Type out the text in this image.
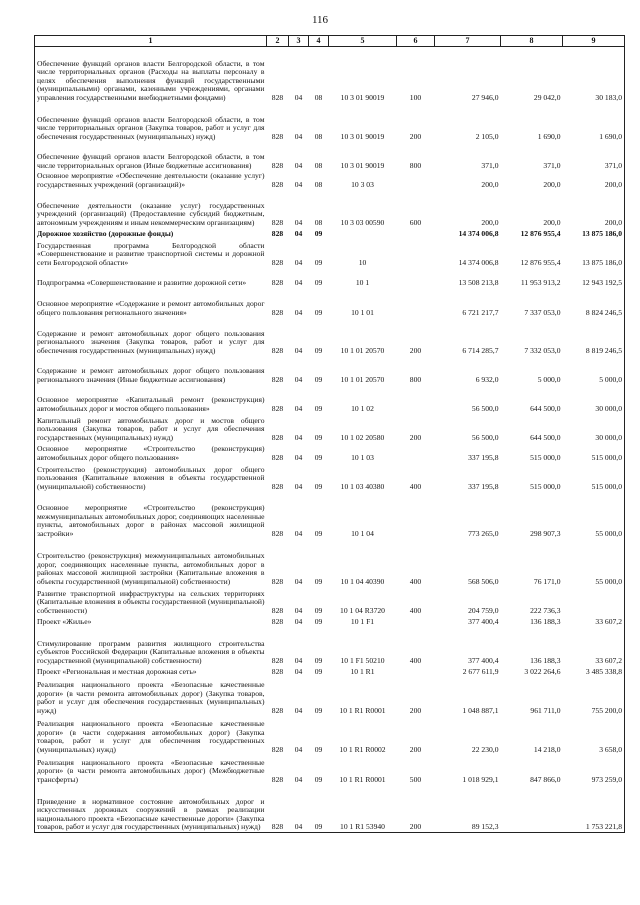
116
1	2	3	4	5	6	7	8	9
Обеспечение функций органов власти Белгородской области, в том числе территориальных органов (Расходы на выплаты персоналу в целях обеспечения выполнения функций государственными (муниципальными) органами, казенными учреждениями, органами управления государственными внебюджетными фондами)	828	04	08	10 3 01 90019	100	27 946,0	29 042,0	30 183,0
Обеспечение функций органов власти Белгородской области, в том числе территориальных органов (Закупка товаров, работ и услуг для обеспечения государственных (муниципальных) нужд)	828	04	08	10 3 01 90019	200	2 105,0	1 690,0	1 690,0
Обеспечение функций органов власти Белгородской области, в том числе территориальных органов (Иные бюджетные ассигнования)	828	04	08	10 3 01 90019	800	371,0	371,0	371,0
Основное мероприятие «Обеспечение деятельности (оказание услуг) государственных учреждений (организаций)»	828	04	08	10 3 03		200,0	200,0	200,0
Обеспечение деятельности (оказание услуг) государственных учреждений (организаций) (Предоставление субсидий бюджетным, автономным учреждениям и иным некоммерческим организациям)	828	04	08	10 3 03 00590	600	200,0	200,0	200,0
Дорожное хозяйство (дорожные фонды)	828	04	09			14 374 006,8	12 876 955,4	13 875 186,0
Государственная программа Белгородской области «Совершенствование и развитие транспортной системы и дорожной сети Белгородской области»	828	04	09	10		14 374 006,8	12 876 955,4	13 875 186,0
Подпрограмма «Совершенствование и развитие дорожной сети»	828	04	09	10 1		13 508 213,8	11 953 913,2	12 943 192,5
Основное мероприятие «Содержание и ремонт автомобильных дорог общего пользования регионального значения»	828	04	09	10 1 01		6 721 217,7	7 337 053,0	8 824 246,5
Содержание и ремонт автомобильных дорог общего пользования регионального значения (Закупка товаров, работ и услуг для обеспечения государственных (муниципальных) нужд)	828	04	09	10 1 01 20570	200	6 714 285,7	7 332 053,0	8 819 246,5
Содержание и ремонт автомобильных дорог общего пользования регионального значения (Иные бюджетные ассигнования)	828	04	09	10 1 01 20570	800	6 932,0	5 000,0	5 000,0
Основное мероприятие «Капитальный ремонт (реконструкция) автомобильных дорог и мостов общего пользования»	828	04	09	10 1 02		56 500,0	644 500,0	30 000,0
Капитальный ремонт автомобильных дорог и мостов общего пользования (Закупка товаров, работ и услуг для обеспечения государственных (муниципальных) нужд)	828	04	09	10 1 02 20580	200	56 500,0	644 500,0	30 000,0
Основное мероприятие «Строительство (реконструкция) автомобильных дорог общего пользования»	828	04	09	10 1 03		337 195,8	515 000,0	515 000,0
Строительство (реконструкция) автомобильных дорог общего пользования (Капитальные вложения в объекты государственной (муниципальной) собственности)	828	04	09	10 1 03 40380	400	337 195,8	515 000,0	515 000,0
Основное мероприятие «Строительство (реконструкция) межмуниципальных автомобильных дорог, соединяющих населенные пункты, автомобильных дорог в районах массовой жилищной застройки»	828	04	09	10 1 04		773 265,0	298 907,3	55 000,0
Строительство (реконструкция) межмуниципальных автомобильных дорог, соединяющих населенные пункты, автомобильных дорог в районах массовой жилищной застройки (Капитальные вложения в объекты государственной (муниципальной) собственности)	828	04	09	10 1 04 40390	400	568 506,0	76 171,0	55 000,0
Развитие транспортной инфраструктуры на сельских территориях (Капитальные вложения в объекты государственной (муниципальной) собственности)	828	04	09	10 1 04 R3720	400	204 759,0	222 736,3	
Проект «Жилье»	828	04	09	10 1 F1		377 400,4	136 188,3	33 607,2
Стимулирование программ развития жилищного строительства субъектов Российской Федерации (Капитальные вложения в объекты государственной (муниципальной) собственности)	828	04	09	10 1 F1 50210	400	377 400,4	136 188,3	33 607,2
Проект «Региональная и местная дорожная сеть»	828	04	09	10 1 R1		2 677 611,9	3 022 264,6	3 485 338,8
Реализация национального проекта «Безопасные качественные дороги» (в части ремонта автомобильных дорог) (Закупка товаров, работ и услуг для обеспечения государственных (муниципальных) нужд)	828	04	09	10 1 R1 R0001	200	1 048 887,1	961 711,0	755 200,0
Реализация национального проекта «Безопасные качественные дороги» (в части содержания автомобильных дорог) (Закупка товаров, работ и услуг для обеспечения государственных (муниципальных) нужд)	828	04	09	10 1 R1 R0002	200	22 230,0	14 218,0	3 658,0
Реализация национального проекта «Безопасные качественные дороги» (в части ремонта автомобильных дорог) (Межбюджетные трансферты)	828	04	09	10 1 R1 R0001	500	1 018 929,1	847 866,0	973 259,0
Приведение в нормативное состояние автомобильных дорог и искусственных дорожных сооружений в рамках реализации национального проекта «Безопасные качественные дороги» (Закупка товаров, работ и услуг для государственных (муниципальных) нужд)	828	04	09	10 1 R1 53940	200	89 152,3		1 753 221,8
